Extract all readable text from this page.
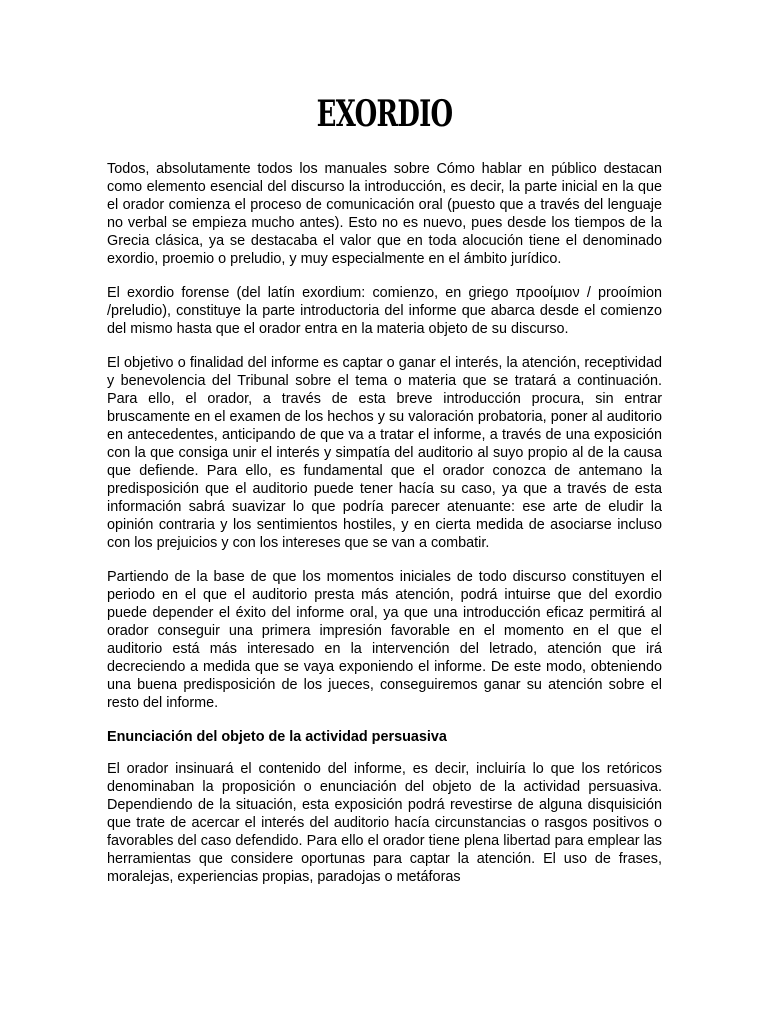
EXORDIO

Todos, absolutamente todos los manuales sobre Cómo hablar en público destacan como elemento esencial del discurso la introducción, es decir, la parte inicial en la que el orador comienza el proceso de comunicación oral (puesto que a través del lenguaje no verbal se empieza mucho antes). Esto no es nuevo, pues desde los tiempos de la Grecia clásica, ya se destacaba el valor que en toda alocución tiene el denominado exordio, proemio o preludio, y muy especialmente en el ámbito jurídico.

El exordio forense (del latín exordium: comienzo, en griego προοίμιον / prooímion /preludio), constituye la parte introductoria del informe que abarca desde el comienzo del mismo hasta que el orador entra en la materia objeto de su discurso.

El objetivo o finalidad del informe es captar o ganar el interés, la atención, receptividad y benevolencia del Tribunal sobre el tema o materia que se tratará a continuación. Para ello, el orador, a través de esta breve introducción procura, sin entrar bruscamente en el examen de los hechos y su valoración probatoria, poner al auditorio en antecedentes, anticipando de que va a tratar el informe, a través de una exposición con la que consiga unir el interés y simpatía del auditorio al suyo propio al de la causa que defiende. Para ello, es fundamental que el orador conozca de antemano la predisposición que el auditorio puede tener hacía su caso, ya que a través de esta información sabrá suavizar lo que podría parecer atenuante: ese arte de eludir la opinión contraria y los sentimientos hostiles, y en cierta medida de asociarse incluso con los prejuicios y con los intereses que se van a combatir.

Partiendo de la base de que los momentos iniciales de todo discurso constituyen el periodo en el que el auditorio presta más atención, podrá intuirse que del exordio puede depender el éxito del informe oral, ya que una introducción eficaz permitirá al orador conseguir una primera impresión favorable en el momento en el que el auditorio está más interesado en la intervención del letrado, atención que irá decreciendo a medida que se vaya exponiendo el informe. De este modo, obteniendo una buena predisposición de los jueces, conseguiremos ganar su atención sobre el resto del informe.

Enunciación del objeto de la actividad persuasiva

El orador insinuará el contenido del informe, es decir, incluiría lo que los retóricos denominaban la proposición o enunciación del objeto de la actividad persuasiva. Dependiendo de la situación, esta exposición podrá revestirse de alguna disquisición que trate de acercar el interés del auditorio hacía circunstancias o rasgos positivos o favorables del caso defendido. Para ello el orador tiene plena libertad para emplear las herramientas que considere oportunas para captar la atención. El uso de frases, moralejas, experiencias propias, paradojas o metáforas
